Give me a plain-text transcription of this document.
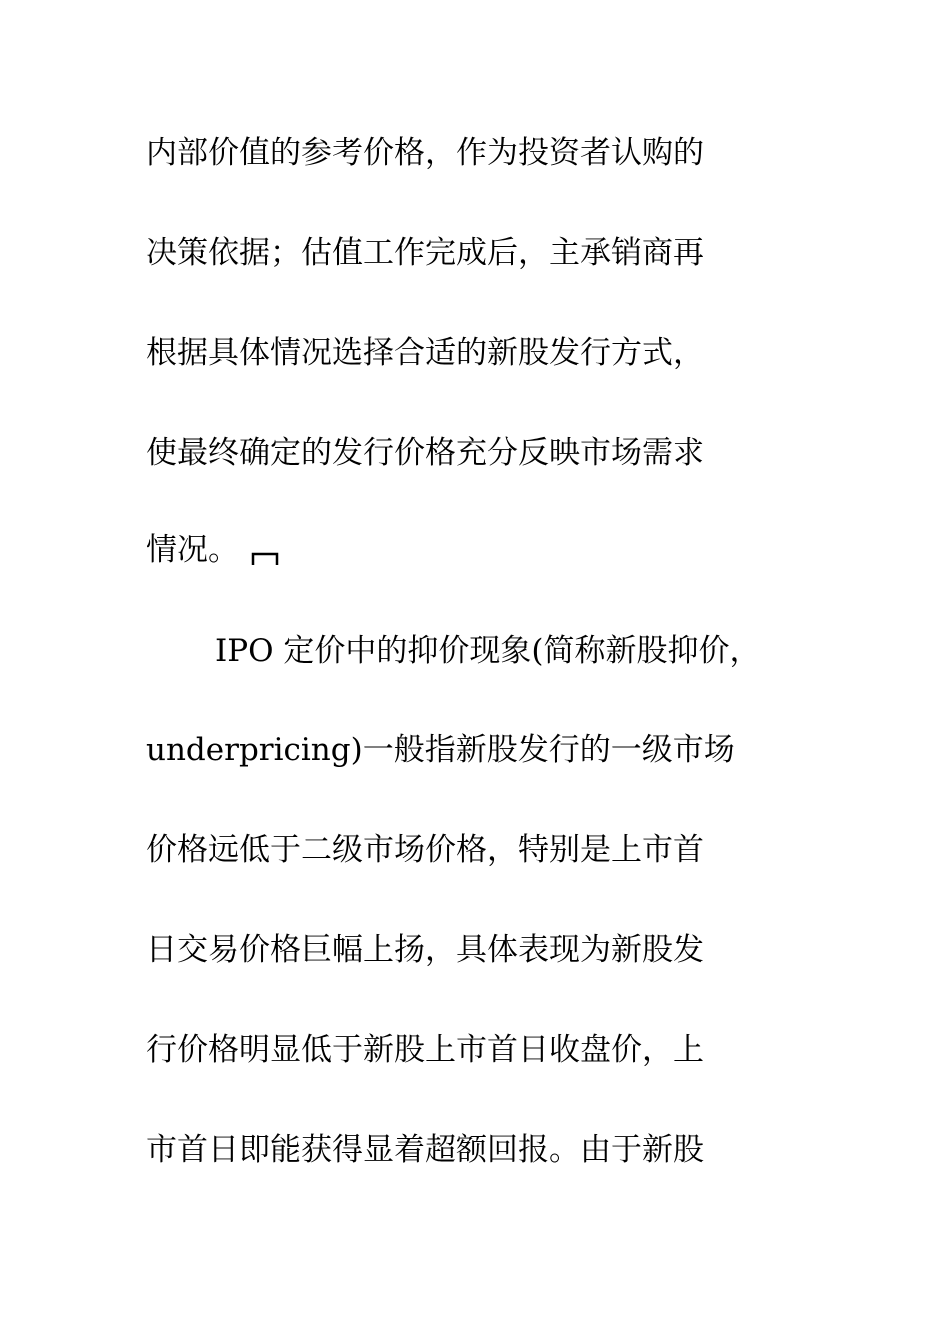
内部价值的参考价格，作为投资者认购的
决策依据；估值工作完成后，主承销商再
根据具体情况选择合适的新股发行方式，
使最终确定的发行价格充分反映市场需求
情况。
IPO 定价中的抑价现象(简称新股抑价，
underpricing)一般指新股发行的一级市场
价格远低于二级市场价格，特别是上市首
日交易价格巨幅上扬，具体表现为新股发
行价格明显低于新股上市首日收盘价，上
市首日即能获得显着超额回报。由于新股
